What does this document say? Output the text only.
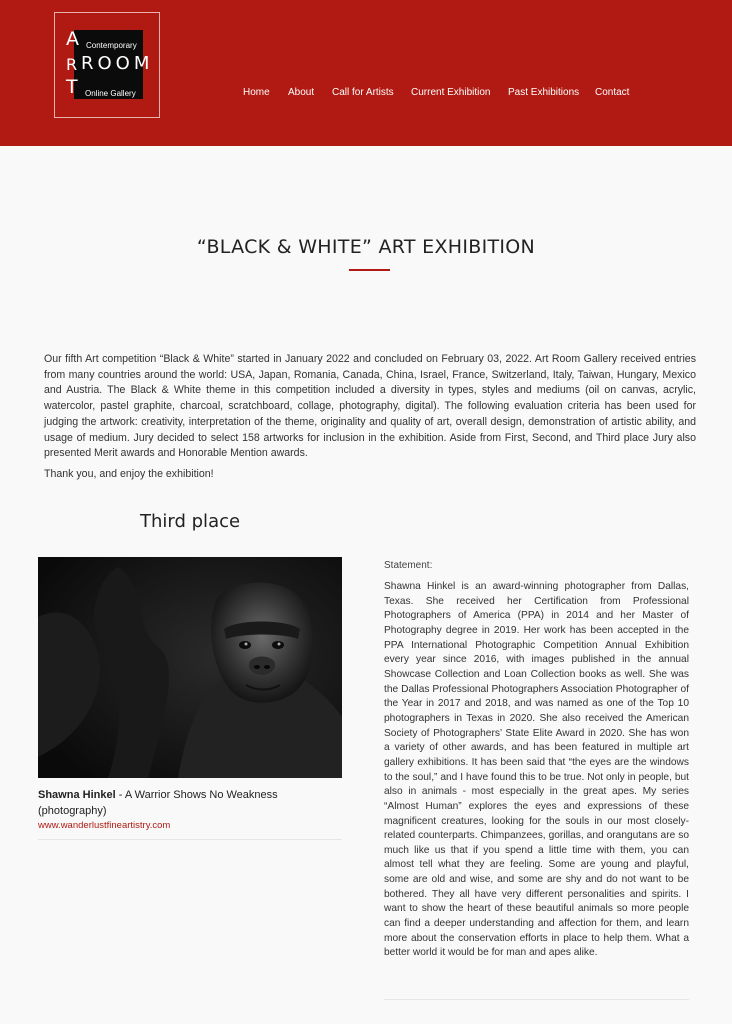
A
R
T
ROOM
Contemporary
Online Gallery	Home About Call for Artists Current Exhibition Past Exhibitions Contact
“BLACK & WHITE” ART EXHIBITION

Our fifth Art competition “Black & White” started in January 2022 and concluded on February 03, 2022. Art Room Gallery received entries from many countries around the world: USA, Japan, Romania, Canada, China, Israel, France, Switzerland, Italy, Taiwan, Hungary, Mexico and Austria. The Black & White theme in this competition included a diversity in types, styles and mediums (oil on canvas, acrylic, watercolor, pastel graphite, charcoal, scratchboard, collage, photography, digital). The following evaluation criteria has been used for judging the artwork: creativity, interpretation of the theme, originality and quality of art, overall design, demonstration of artistic ability, and usage of medium. Jury decided to select 158 artworks for inclusion in the exhibition. Aside from First, Second, and Third place Jury also presented Merit awards and Honorable Mention awards.

Thank you, and enjoy the exhibition!

Third place
Shawna Hinkel - A Warrior Shows No Weakness (photography)
www.wanderlustfineartistry.com
Statement:

Shawna Hinkel is an award-winning photographer from Dallas, Texas. She received her Certification from Professional Photographers of America (PPA) in 2014 and her Master of Photography degree in 2019. Her work has been accepted in the PPA International Photographic Competition Annual Exhibition every year since 2016, with images published in the annual Showcase Collection and Loan Collection books as well. She was the Dallas Professional Photographers Association Photographer of the Year in 2017 and 2018, and was named as one of the Top 10 photographers in Texas in 2020. She also received the American Society of Photographers’ State Elite Award in 2020. She has won a variety of other awards, and has been featured in multiple art gallery exhibitions. It has been said that “the eyes are the windows to the soul,” and I have found this to be true. Not only in people, but also in animals - most especially in the great apes. My series “Almost Human” explores the eyes and expressions of these magnificent creatures, looking for the souls in our most closely-related counterparts. Chimpanzees, gorillas, and orangutans are so much like us that if you spend a little time with them, you can almost tell what they are feeling. Some are young and playful, some are old and wise, and some are shy and do not want to be bothered. They all have very different personalities and spirits. I want to show the heart of these beautiful animals so more people can find a deeper understanding and affection for them, and learn more about the conservation efforts in place to help them. What a better world it would be for man and apes alike.
